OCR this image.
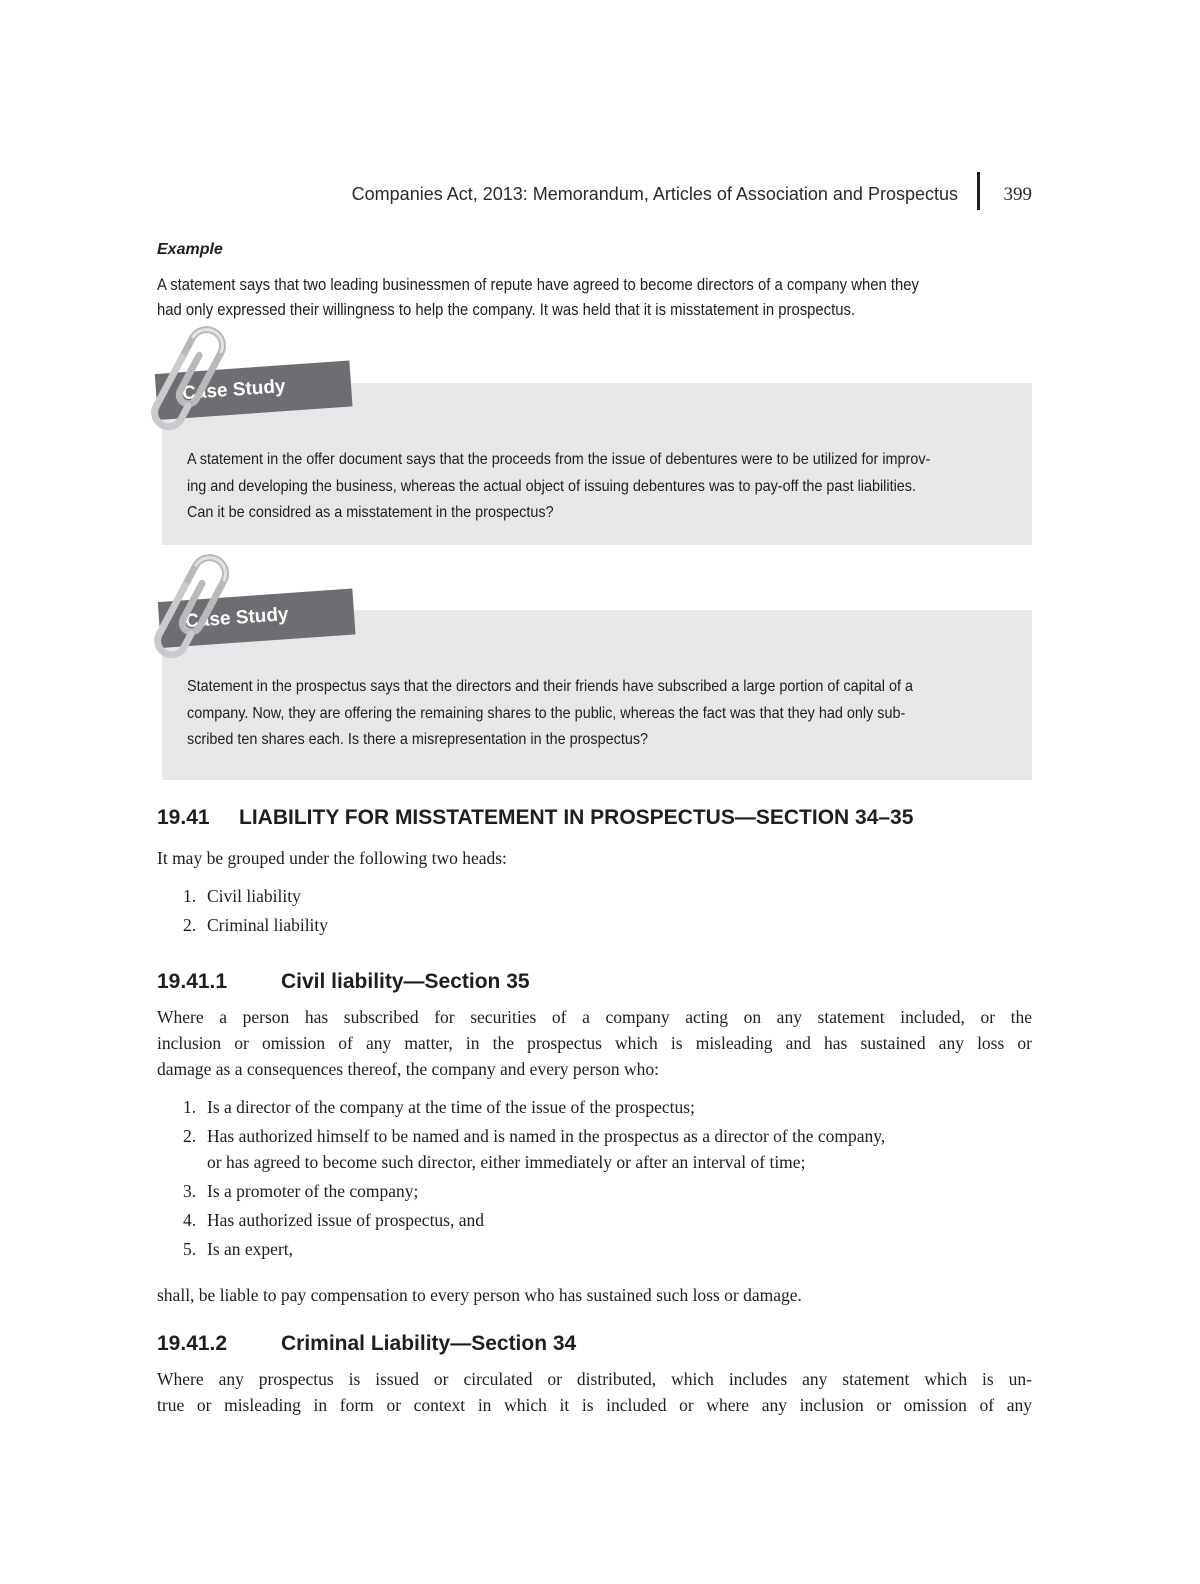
Companies Act, 2013: Memorandum, Articles of Association and Prospectus 399
Example
A statement says that two leading businessmen of repute have agreed to become directors of a company when they
had only expressed their willingness to help the company. It was held that it is misstatement in prospectus.
A statement in the offer document says that the proceeds from the issue of debentures were to be utilized for improv-
ing and developing the business, whereas the actual object of issuing debentures was to pay-off the past liabilities.
Can it be considred as a misstatement in the prospectus?
Case Study
Statement in the prospectus says that the directors and their friends have subscribed a large portion of capital of a
company. Now, they are offering the remaining shares to the public, whereas the fact was that they had only sub-
scribed ten shares each. Is there a misrepresentation in the prospectus?
Case Study
19.41 LIABILITY FOR MISSTATEMENT IN PROSPECTUS—SECTION 34–35
It may be grouped under the following two heads:
1. Civil liability
2. Criminal liability
19.41.1	Civil liability—Section 35
Where a person has subscribed for securities of a company acting on any statement included, or the
inclusion or omission of any matter, in the prospectus which is misleading and has sustained any loss or
damage as a consequences thereof, the company and every person who:
1. Is a director of the company at the time of the issue of the prospectus;
2. Has authorized himself to be named and is named in the prospectus as a director of the company,
or has agreed to become such director, either immediately or after an interval of time;
3. Is a promoter of the company;
4. Has authorized issue of prospectus, and
5. Is an expert,
shall, be liable to pay compensation to every person who has sustained such loss or damage.
19.41.2	Criminal Liability—Section 34
Where any prospectus is issued or circulated or distributed, which includes any statement which is un-
true or misleading in form or context in which it is included or where any inclusion or omission of any
